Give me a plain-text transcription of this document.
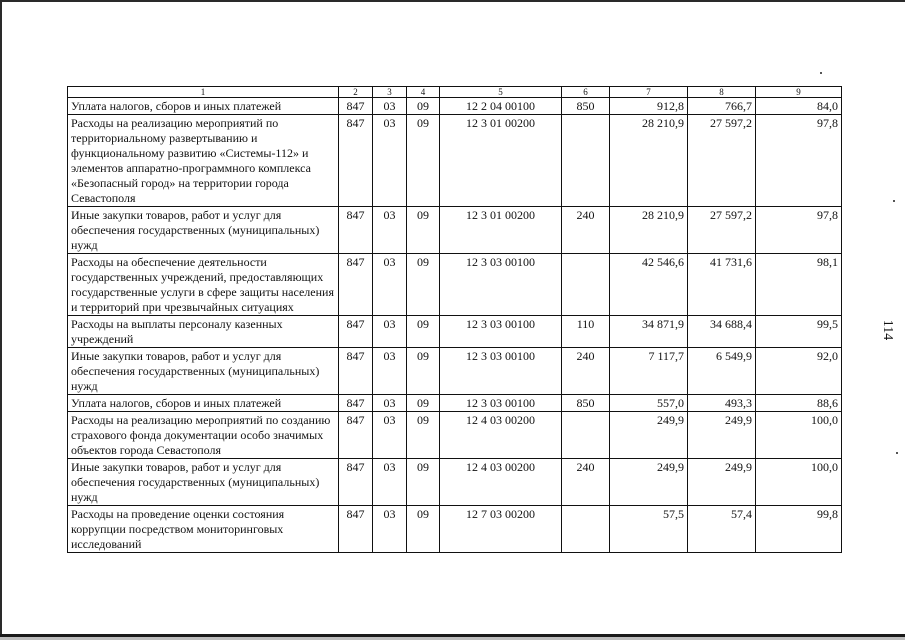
1	2	3	4	5	6	7	8	9
Уплата налогов, сборов и иных платежей	847	03	09	12 2 04 00100	850	912,8	766,7	84,0
Расходы на реализацию мероприятий по территориальному развертыванию и функциональному развитию «Системы-112» и элементов аппаратно-программного комплекса «Безопасный город» на территории города Севастополя	847	03	09	12 3 01 00200		28 210,9	27 597,2	97,8
Иные закупки товаров, работ и услуг для обеспечения государственных (муниципальных) нужд	847	03	09	12 3 01 00200	240	28 210,9	27 597,2	97,8
Расходы на обеспечение деятельности государственных учреждений, предоставляющих государственные услуги в сфере защиты населения и территорий при чрезвычайных ситуациях	847	03	09	12 3 03 00100		42 546,6	41 731,6	98,1
Расходы на выплаты персоналу казенных учреждений	847	03	09	12 3 03 00100	110	34 871,9	34 688,4	99,5
Иные закупки товаров, работ и услуг для обеспечения государственных (муниципальных) нужд	847	03	09	12 3 03 00100	240	7 117,7	6 549,9	92,0
Уплата налогов, сборов и иных платежей	847	03	09	12 3 03 00100	850	557,0	493,3	88,6
Расходы на реализацию мероприятий по созданию страхового фонда документации особо значимых объектов города Севастополя	847	03	09	12 4 03 00200		249,9	249,9	100,0
Иные закупки товаров, работ и услуг для обеспечения государственных (муниципальных) нужд	847	03	09	12 4 03 00200	240	249,9	249,9	100,0
Расходы на проведение оценки состояния коррупции посредством мониторинговых исследований	847	03	09	12 7 03 00200		57,5	57,4	99,8
114
